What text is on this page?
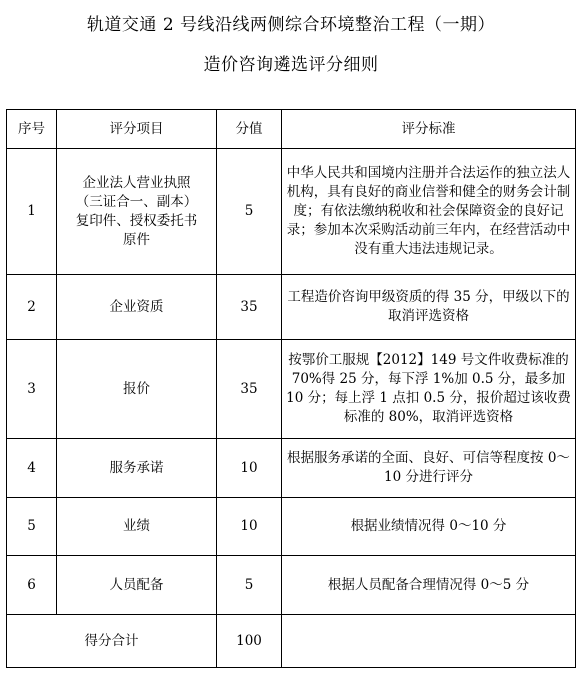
轨道交通 2 号线沿线两侧综合环境整治工程（一期）
造价咨询遴选评分细则
序号	评分项目	分值	评分标准
1	企业法人营业执照（三证合一、副本）复印件、授权委托书原件	5	中华人民共和国境内注册并合法运作的独立法人机构，具有良好的商业信誉和健全的财务会计制度；有依法缴纳税收和社会保障资金的良好记录；参加本次采购活动前三年内，在经营活动中没有重大违法违规记录。
2	企业资质	35	工程造价咨询甲级资质的得 35 分，甲级以下的取消评选资格
3	报价	35	按鄂价工服规【2012】149 号文件收费标准的 70%得 25 分，每下浮 1%加 0.5 分，最多加 10 分；每上浮 1 点扣 0.5 分，报价超过该收费标准的 80%，取消评选资格
4	服务承诺	10	根据服务承诺的全面、良好、可信等程度按 0～10 分进行评分
5	业绩	10	根据业绩情况得 0～10 分
6	人员配备	5	根据人员配备合理情况得 0～5 分
得分合计		100	
